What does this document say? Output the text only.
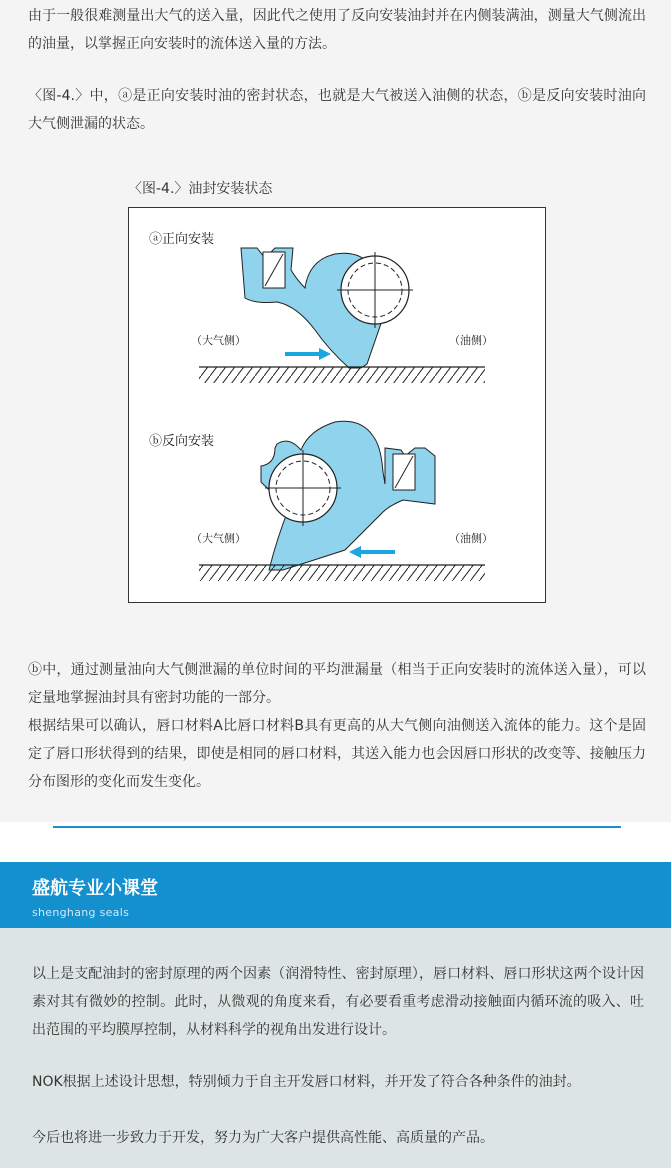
由于一般很难测量出大气的送入量，因此代之使用了反向安装油封并在内侧装满油，测量大气侧流出的油量，以掌握正向安装时的流体送入量的方法。

〈图-4.〉中，ⓐ是正向安装时油的密封状态，也就是大气被送入油侧的状态，ⓑ是反向安装时油向大气侧泄漏的状态。

〈图-4.〉油封安装状态
ⓐ正向安装
（大气侧）	（油侧）
ⓑ反向安装
（大气侧）	（油侧）

ⓑ中，通过测量油向大气侧泄漏的单位时间的平均泄漏量（相当于正向安装时的流体送入量），可以定量地掌握油封具有密封功能的一部分。

根据结果可以确认，唇口材料A比唇口材料B具有更高的从大气侧向油侧送入流体的能力。这个是固定了唇口形状得到的结果，即使是相同的唇口材料，其送入能力也会因唇口形状的改变等、接触压力分布图形的变化而发生变化。

盛航专业小课堂
shenghang seals

以上是支配油封的密封原理的两个因素（润滑特性、密封原理），唇口材料、唇口形状这两个设计因素对其有微妙的控制。此时，从微观的角度来看，有必要看重考虑滑动接触面内循环流的吸入、吐出范围的平均膜厚控制，从材料科学的视角出发进行设计。

NOK根据上述设计思想，特别倾力于自主开发唇口材料，并开发了符合各种条件的油封。

今后也将进一步致力于开发，努力为广大客户提供高性能、高质量的产品。
